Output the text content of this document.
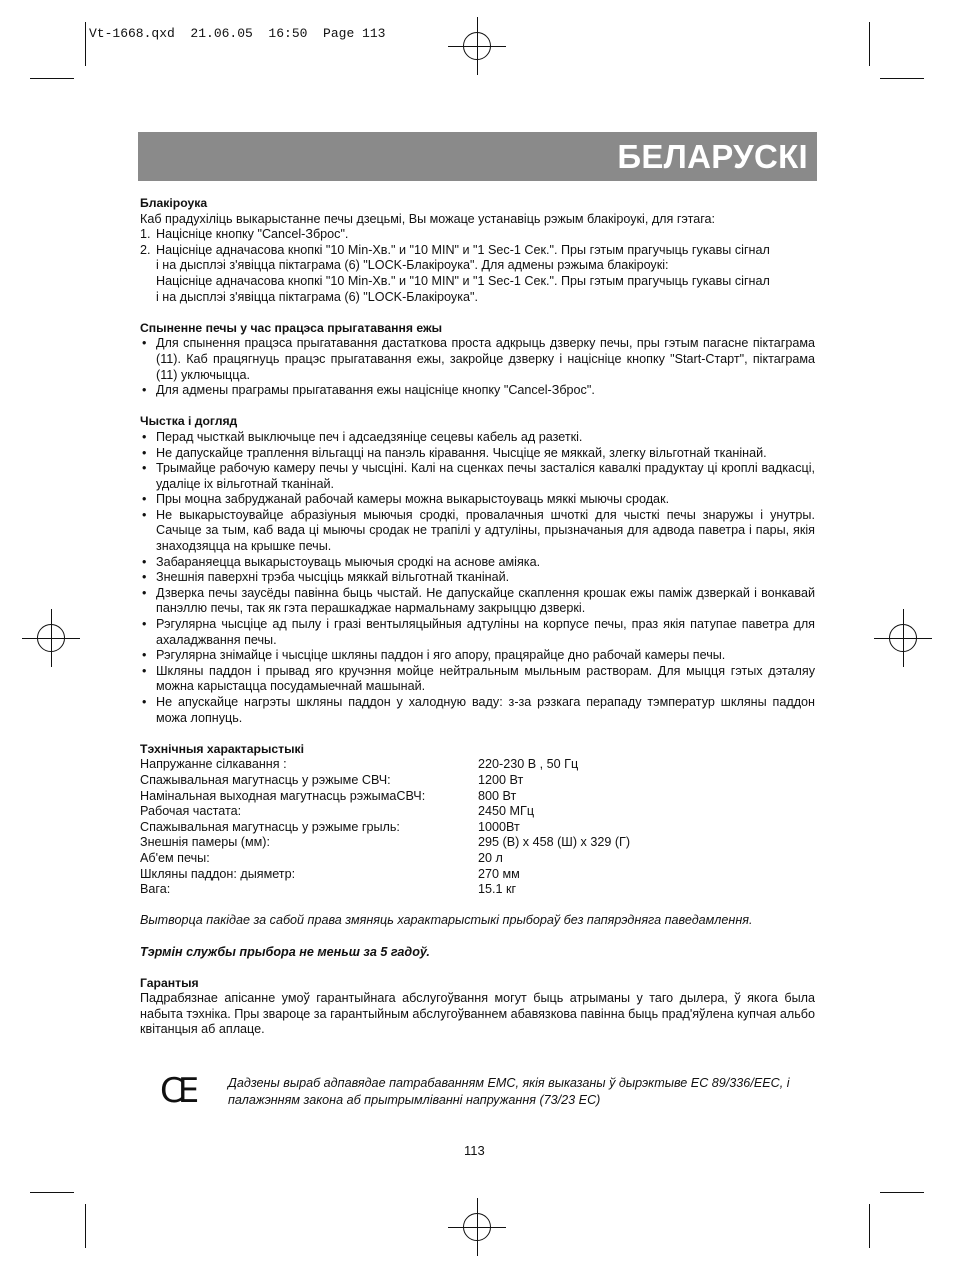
Vt-1668.qxd  21.06.05  16:50  Page 113
БЕЛАРУСКІ
Блакіроука

Каб прадухіліць выкарыстанне печы дзецьмі, Вы можаце устанавіць рэжым блакіроукі, для гэтага:

1. Націсніце кнопку "Cancel-Зброс".
2. Націсніце адначасова кнопкі "10 Min-Хв." и "10 MIN" и "1 Sec-1 Сек.". Пры гэтым прагучыць гукавы сігнал

і на дысплэі з'явіцца піктаграма (6) "LOCK-Блакіроука". Для адмены рэжыма блакіроукі:

Націсніце адначасова кнопкі "10 Min-Хв." и "10 MIN" и "1 Sec-1 Сек.". Пры гэтым прагучыць гукавы сігнал

і на дысплэі з'явіцца піктаграма (6) "LOCK-Блакіроука".

Спыненне печы у час працэса прыгатавання ежы
• Для спынення працэса прыгатавання дастаткова проста адкрыць дзверку печы, пры гэтым пагасне піктаграма (11). Каб працягнуць працэс прыгатавання ежы, закройце дзверку і націсніце кнопку "Start-Старт", піктаграма (11) уключыцца.
• Для адмены праграмы прыгатавання ежы націсніце кнопку "Cancel-Зброс".
Чыстка і догляд
• Перад чысткай выключыце печ і адсаедзяніце сецевы кабель ад разеткі.
• Не дапускайце траплення вільгацці на панэль кіравання. Чысціце яе мяккай, злегку вільготнай тканінай.
• Трымайце рабочую камеру печы у чысціні. Калі на сценках печы засталіся кавалкі прадуктау ці кроплі вадкасці, удаліце іх вільготнай тканінай.
• Пры моцна забруджанай рабочай камеры можна выкарыстоуваць мяккі мыючы сродак.
• Не выкарыстоувайце абразіуныя мыючыя сродкі, провалачныя шчоткі для чысткі печы знаружы і унутры. Сачыце за тым, каб вада ці мыючы сродак не трапілі у адтуліны, прызначаныя для адвода паветра і пары, якія знаходзяцца на крышке печы.
• Забараняецца выкарыстоуваць мыючыя сродкі на аснове аміяка.
• Знешнія паверхні трэба чысціць мяккай вільготнай тканінай.
• Дзверка печы заусёды павінна быць чыстай. Не дапускайце скаплення крошак ежы паміж дзверкай і вонкавай панэллю печы, так як гэта перашкаджае нармальнаму закрыццю дзверкі.
• Рэгулярна чысціце ад пылу і гразі вентыляцыйныя адтуліны на корпусе печы, праз якія патупае паветра для ахаладжвання печы.
• Рэгулярна знімайце і чысціце шкляны паддон і яго апору, працярайце дно рабочай камеры печы.
• Шкляны паддон і прывад яго кручэння мойце нейтральным мыльным растворам. Для мыцця гэтых дэталяу можна карыстацца посудамыечнай машынай.
• Не апускайце нагрэты шкляны паддон у халодную ваду: з-за рэзкага перападу тэмператур шкляны паддон можа лопнуць.
Тэхнічныя характарыстыкі
Напружанне сілкавання :	220-230 В , 50 Гц
Спажывальная магутнасць у рэжыме СВЧ:	1200 Вт
Намінальная выходная магутнасць рэжымаСВЧ:	800 Вт
Рабочая частата:	2450 МГц
Спажывальная магутнасць у рэжыме грыль:	1000Вт
Знешнія памеры (мм):	295 (В) х 458 (Ш) х 329 (Г)
Аб'ем печы:	20 л
Шкляны паддон: дыяметр:	270 мм
Вага:	15.1 кг

Вытворца пакідае за сабой права змяняць характарыстыкі прыбораў без папярэдняга паведамлення.

Тэрмін службы прыбора не меньш за 5 гадоў.

Гарантыя

Падрабязнае апісанне умоў гарантыйнага абслугоўвання могут быць атрыманы у таго дылера, ў якога была набыта тэхніка. Пры звароце за гарантыйным абслугоўваннем абавязкова павінна быць прад'яўлена купчая альбо квітанцыя аб аплаце.

CE	Дадзены выраб адпавядае патрабаванням ЕМС, якія выказаны ў дырэктыве ЕС 89/336/ЕЕС, і
палажэнням закона аб прытрымліванні напружання (73/23 ЕС)
113
